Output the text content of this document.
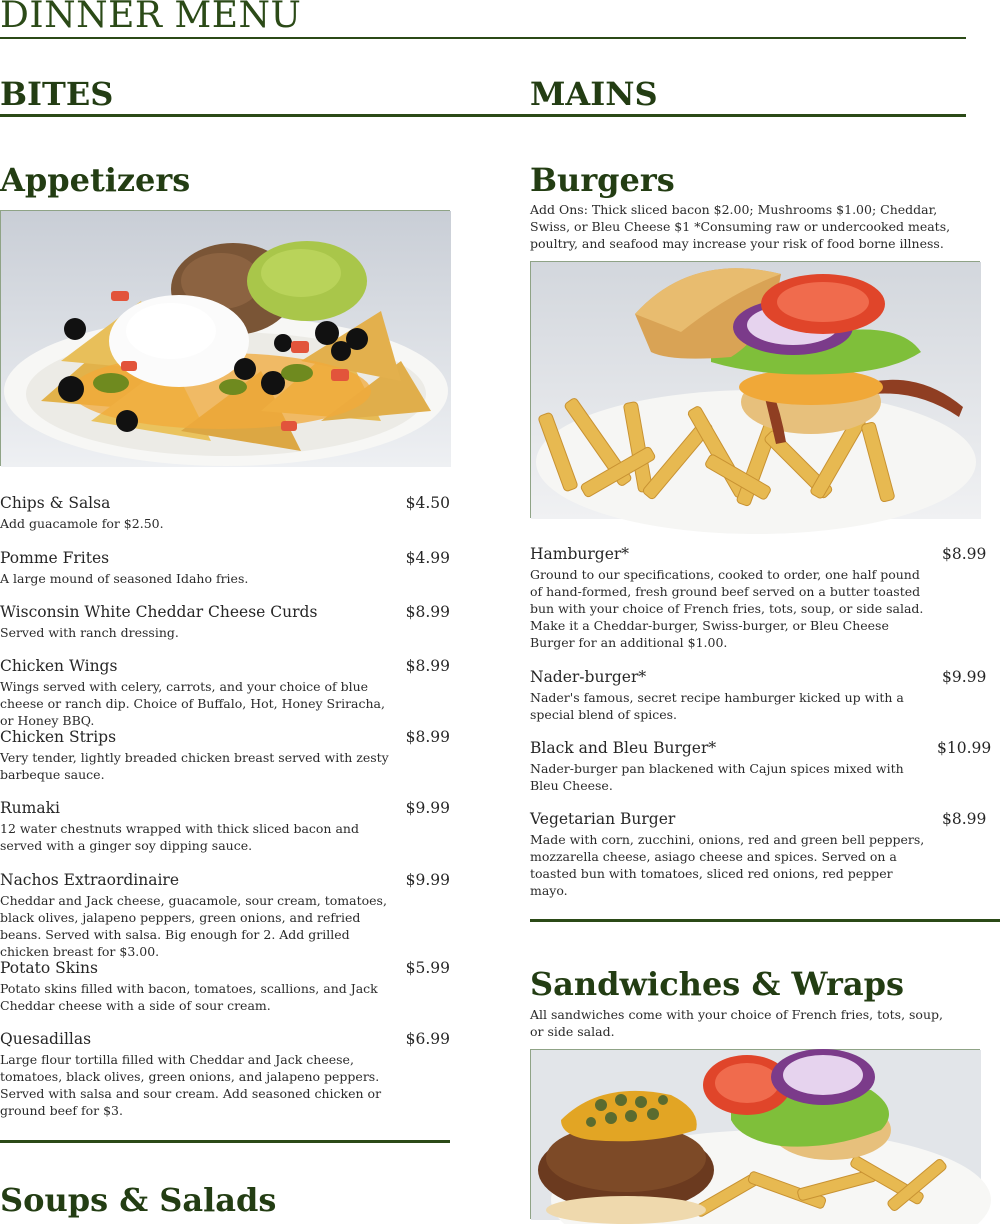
DINNER MENU
BITES
Appetizers
Chips & Salsa	$4.50
Add guacamole for $2.50.
Pomme Frites	$4.99
A large mound of seasoned Idaho fries.
Wisconsin White Cheddar Cheese Curds	$8.99
Served with ranch dressing.
Chicken Wings	$8.99
Wings served with celery, carrots, and your choice of blue cheese or ranch dip. Choice of Buffalo, Hot, Honey Sriracha, or Honey BBQ.
Chicken Strips	$8.99
Very tender, lightly breaded chicken breast served with zesty barbeque sauce.
Rumaki	$9.99
12 water chestnuts wrapped with thick sliced bacon and served with a ginger soy dipping sauce.
Nachos Extraordinaire	$9.99
Cheddar and Jack cheese, guacamole, sour cream, tomatoes, black olives, jalapeno peppers, green onions, and refried beans. Served with salsa. Big enough for 2. Add grilled chicken breast for $3.00.
Potato Skins	$5.99
Potato skins filled with bacon, tomatoes, scallions, and Jack Cheddar cheese with a side of sour cream.
Quesadillas	$6.99
Large flour tortilla filled with Cheddar and Jack cheese, tomatoes, black olives, green onions, and jalapeno peppers. Served with salsa and sour cream. Add seasoned chicken or ground beef for $3.
Soups & Salads
MAINS
Burgers
Add Ons: Thick sliced bacon $2.00; Mushrooms $1.00; Cheddar, Swiss, or Bleu Cheese $1 *Consuming raw or undercooked meats, poultry, and seafood may increase your risk of food borne illness.
Hamburger*	$8.99
Ground to our specifications, cooked to order, one half pound of hand-formed, fresh ground beef served on a butter toasted bun with your choice of French fries, tots, soup, or side salad. Make it a Cheddar-burger, Swiss-burger, or Bleu Cheese Burger for an additional $1.00.
Nader-burger*	$9.99
Nader's famous, secret recipe hamburger kicked up with a special blend of spices.
Black and Bleu Burger*	$10.99
Nader-burger pan blackened with Cajun spices mixed with Bleu Cheese.
Vegetarian Burger	$8.99
Made with corn, zucchini, onions, red and green bell peppers, mozzarella cheese, asiago cheese and spices. Served on a toasted bun with tomatoes, sliced red onions, red pepper mayo.
Sandwiches & Wraps
All sandwiches come with your choice of French fries, tots, soup, or side salad.
